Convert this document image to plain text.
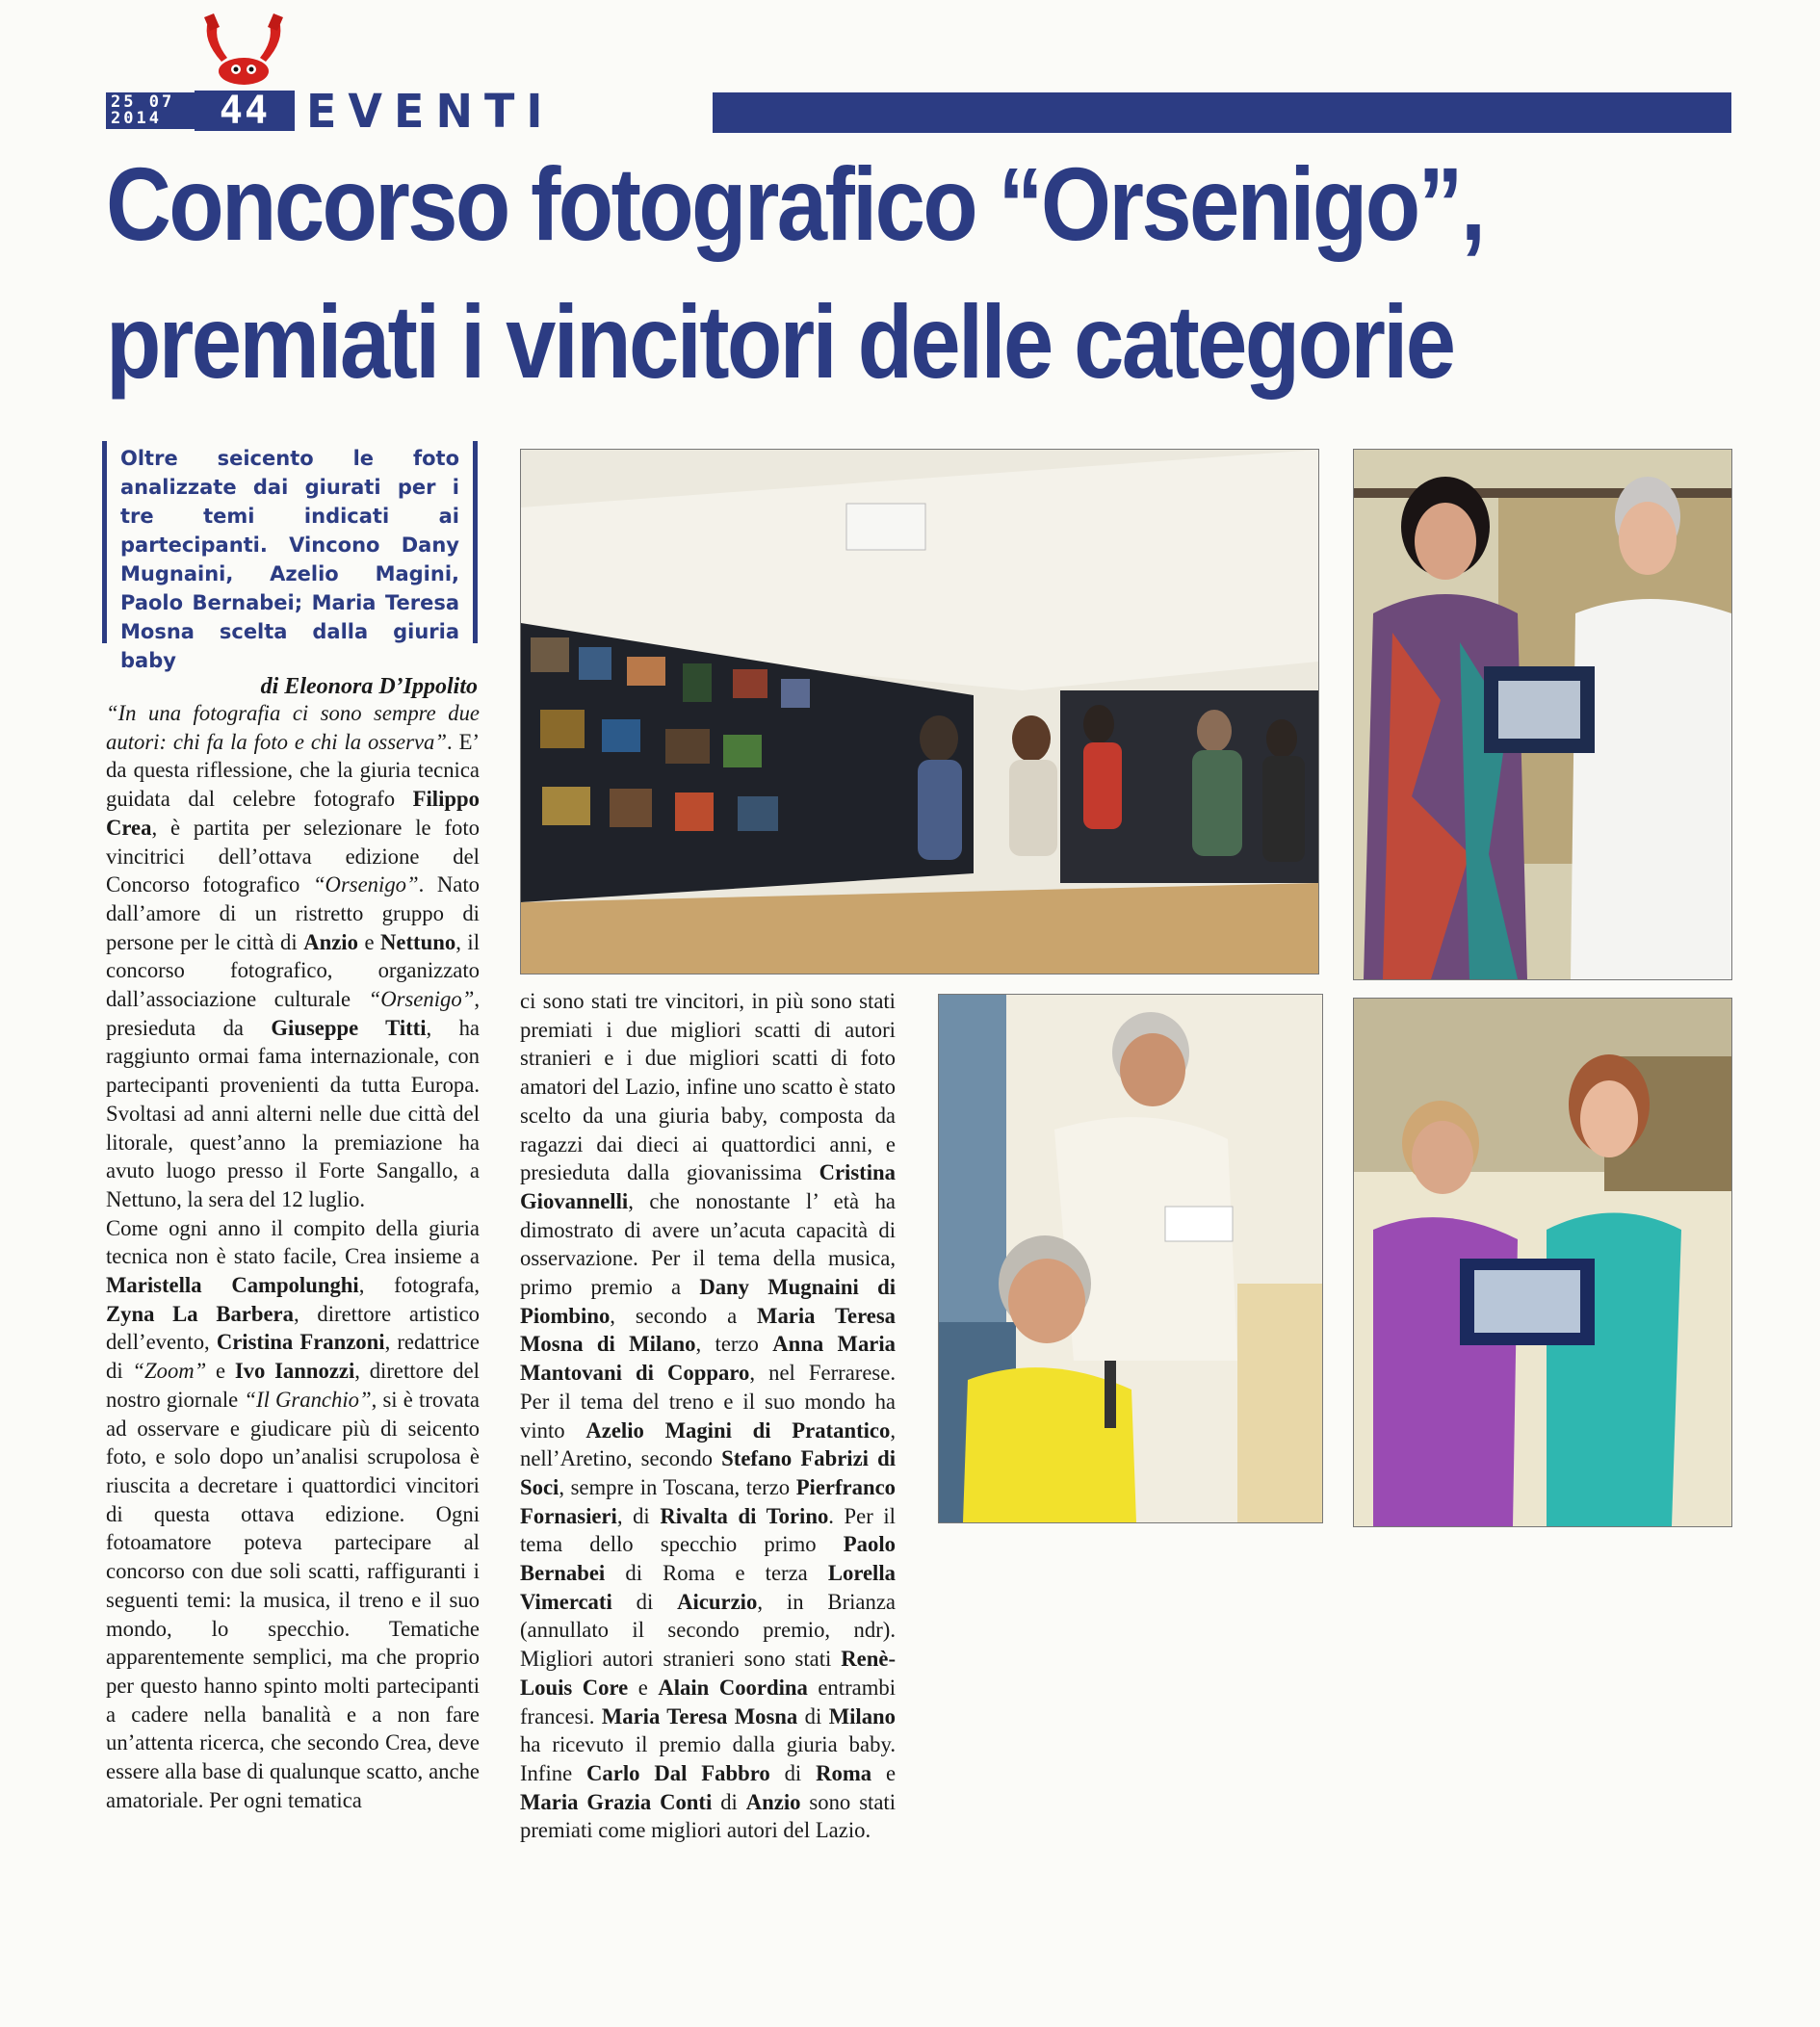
25 07
2014	44 EVENTI
Concorso fotografico “Orsenigo”,
premiati i vincitori delle categorie
Oltre seicento le foto analizzate dai giurati per i tre temi indicati ai partecipanti. Vincono Dany Mugnaini, Azelio Magini, Paolo Bernabei; Maria Teresa Mosna scelta dalla giuria baby
di Eleonora D’Ippolito

“In una fotografia ci sono sempre due autori: chi fa la foto e chi la osserva”. E’ da questa riflessione, che la giuria tecnica guidata dal celebre fotografo Filippo Crea, è partita per selezionare le foto vincitrici dell’ottava edizione del Concorso fotografico “Orsenigo”. Nato dall’amore di un ristretto gruppo di persone per le città di Anzio e Nettuno, il concorso fotografico, organizzato dall’associazione culturale “Orsenigo”, presieduta da Giuseppe Titti, ha raggiunto ormai fama internazionale, con partecipanti provenienti da tutta Europa. Svoltasi ad anni alterni nelle due città del litorale, quest’anno la premiazione ha avuto luogo presso il Forte Sangallo, a Nettuno, la sera del 12 luglio.

Come ogni anno il compito della giuria tecnica non è stato facile, Crea insieme a Maristella Campolunghi, fotografa, Zyna La Barbera, direttore artistico dell’evento, Cristina Franzoni, redattrice di “Zoom” e Ivo Iannozzi, direttore del nostro giornale “Il Granchio”, si è trovata ad osservare e giudicare più di seicento foto, e solo dopo un’analisi scrupolosa è riuscita a decretare i quattordici vincitori di questa ottava edizione. Ogni fotoamatore poteva partecipare al concorso con due soli scatti, raffiguranti i seguenti temi: la musica, il treno e il suo mondo, lo specchio. Tematiche apparentemente semplici, ma che proprio per questo hanno spinto molti partecipanti a cadere nella banalità e a non fare un’attenta ricerca, che secondo Crea, deve essere alla base di qualunque scatto, anche amatoriale. Per ogni tematica

ci sono stati tre vincitori, in più sono stati premiati i due migliori scatti di autori stranieri e i due migliori scatti di foto amatori del Lazio, infine uno scatto è stato scelto da una giuria baby, composta da ragazzi dai dieci ai quattordici anni, e presieduta dalla giovanissima Cristina Giovannelli, che nonostante l’ età ha dimostrato di avere un’acuta capacità di osservazione. Per il tema della musica, primo premio a Dany Mugnaini di Piombino, secondo a Maria Teresa Mosna di Milano, terzo Anna Maria Mantovani di Copparo, nel Ferrarese. Per il tema del treno e il suo mondo ha vinto Azelio Magini di Pratantico, nell’Aretino, secondo Stefano Fabrizi di Soci, sempre in Toscana, terzo Pierfranco Fornasieri, di Rivalta di Torino. Per il tema dello specchio primo Paolo Bernabei di Roma e terza Lorella Vimercati di Aicurzio, in Brianza (annullato il secondo premio, ndr). Migliori autori stranieri sono stati Renè-Louis Core e Alain Coordina entrambi francesi. Maria Teresa Mosna di Milano ha ricevuto il premio dalla giuria baby. Infine Carlo Dal Fabbro di Roma e Maria Grazia Conti di Anzio sono stati premiati come migliori autori del Lazio.
